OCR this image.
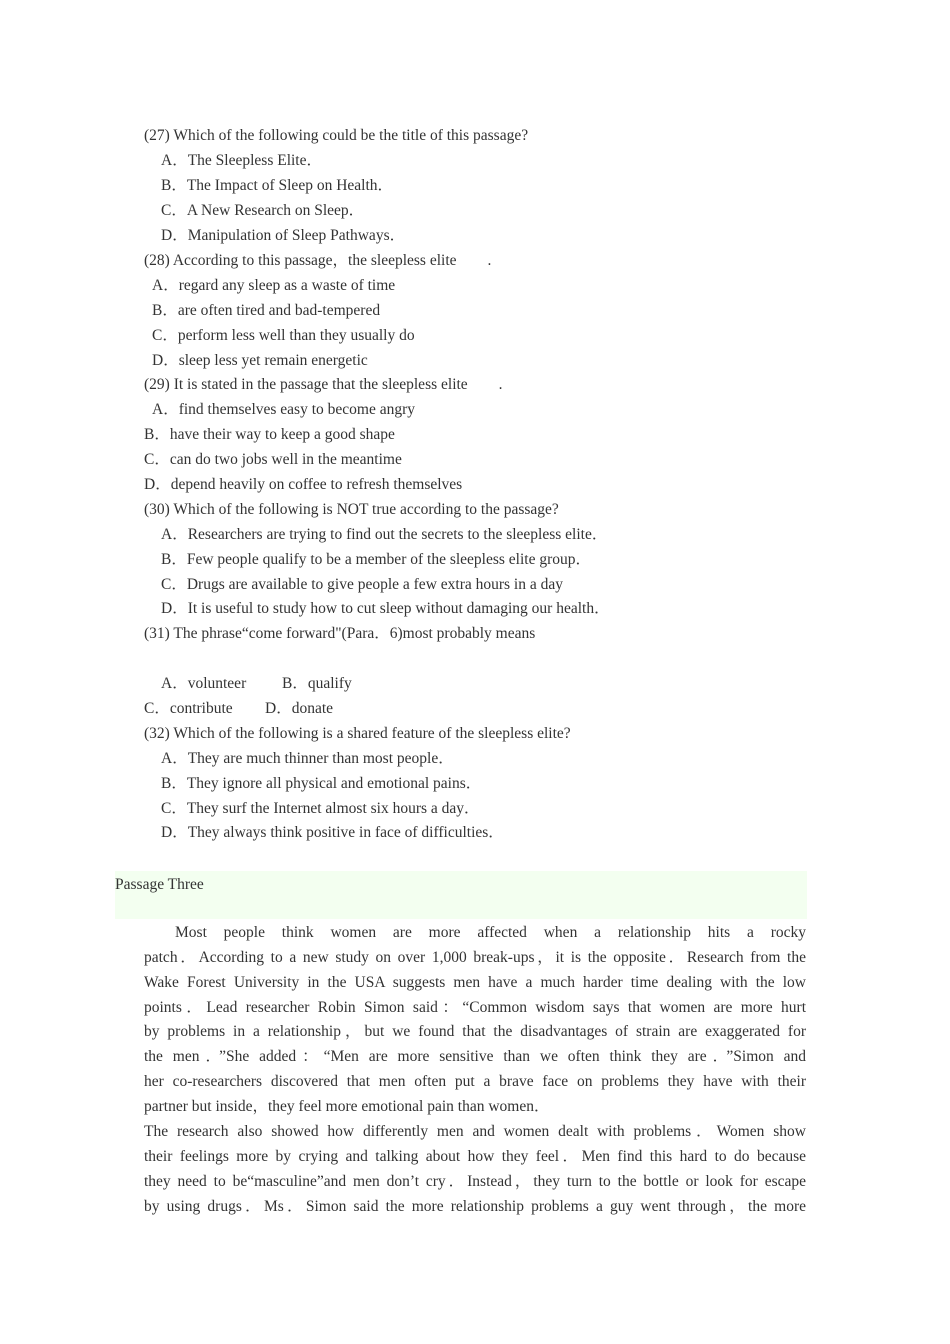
(27) Which of the following could be the title of this passage?
A．The Sleepless Elite．
B．The Impact of Sleep on Health．
C．A New Research on Sleep．
D．Manipulation of Sleep Pathways．
(28) According to this passage，the sleepless elite　　.
A．regard any sleep as a waste of time
B．are often tired and bad-tempered
C．perform less well than they usually do
D．sleep less yet remain energetic
(29) It is stated in the passage that the sleepless elite　　.
A．find themselves easy to become angry
B．have their way to keep a good shape
C．can do two jobs well in the meantime
D．depend heavily on coffee to refresh themselves
(30) Which of the following is NOT true according to the passage?
A．Researchers are trying to find out the secrets to the sleepless elite．
B．Few people qualify to be a member of the sleepless elite group．
C．Drugs are available to give people a few extra hours in a day
D．It is useful to study how to cut sleep without damaging our health．
(31) The phrase“come forward"(Para．6)most probably means
A．volunteer B．qualify
C．contribute D．donate
(32) Which of the following is a shared feature of the sleepless elite?
A．They are much thinner than most people．
B．They ignore all physical and emotional pains．
C．They surf the Internet almost six hours a day．
D．They always think positive in face of difficulties．
Passage Three
Most people think women are more affected when a relationship hits a rocky
patch．According to a new study on over 1,000 break-ups，it is the opposite．Research from the
Wake Forest University in the USA suggests men have a much harder time dealing with the low
points．Lead researcher Robin Simon said：“Common wisdom says that women are more hurt
by problems in a relationship，but we found that the disadvantages of strain are exaggerated for
the men．”She added：“Men are more sensitive than we often think they are．”Simon and
her co-researchers discovered that men often put a brave face on problems they have with their
partner but inside，they feel more emotional pain than women．
The research also showed how differently men and women dealt with problems．Women show
their feelings more by crying and talking about how they feel．Men find this hard to do because
they need to be“masculine”and men don’t cry．Instead，they turn to the bottle or look for escape
by using drugs．Ms．Simon said the more relationship problems a guy went through，the more
